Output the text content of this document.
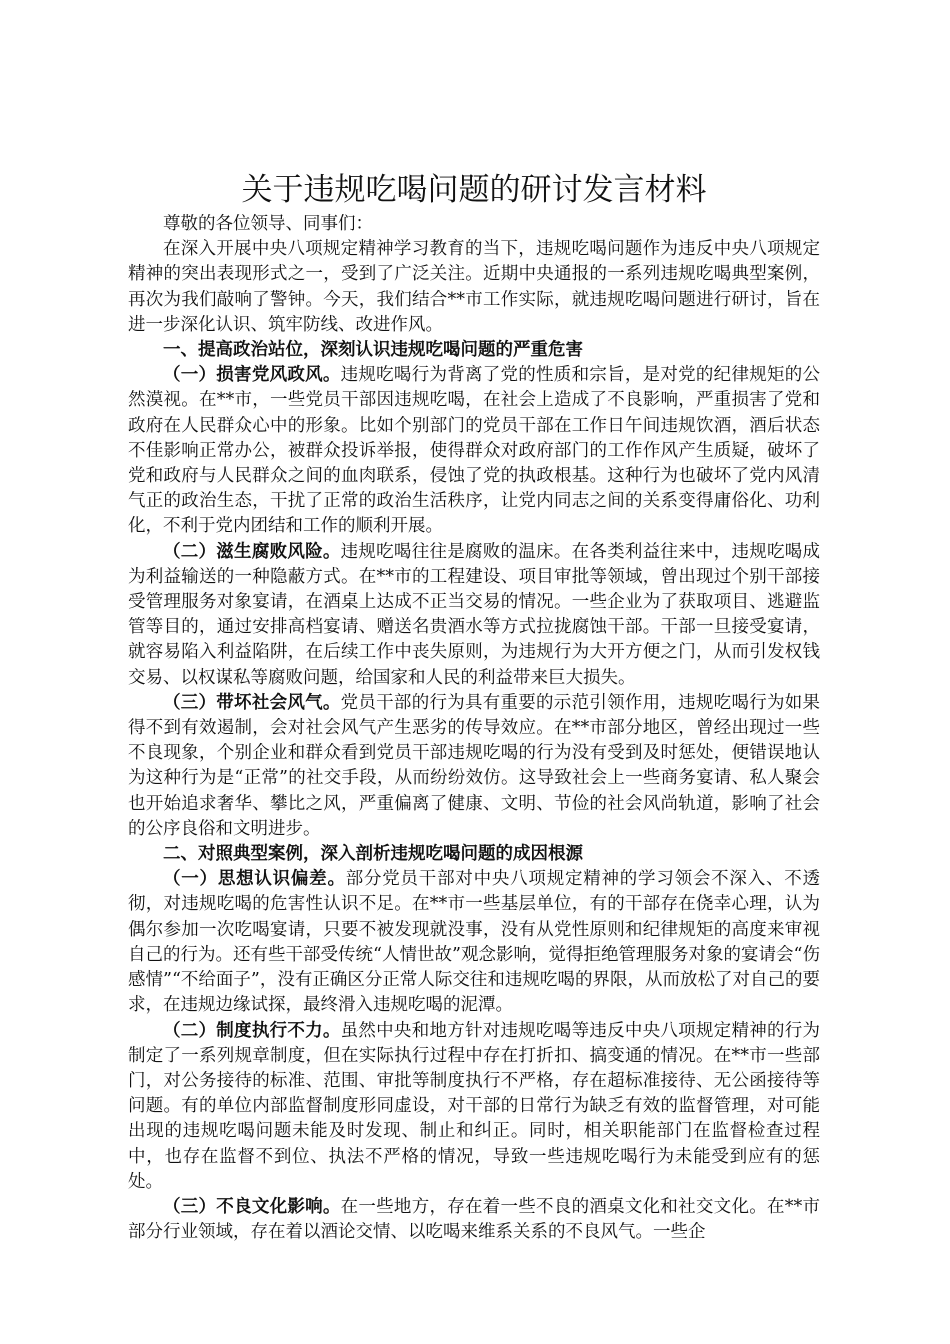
关于违规吃喝问题的研讨发言材料

尊敬的各位领导、同事们：

在深入开展中央八项规定精神学习教育的当下，违规吃喝问题作为违反中央八项规定精神的突出表现形式之一，受到了广泛关注。近期中央通报的一系列违规吃喝典型案例，再次为我们敲响了警钟。今天，我们结合**市工作实际，就违规吃喝问题进行研讨，旨在进一步深化认识、筑牢防线、改进作风。

一、提高政治站位，深刻认识违规吃喝问题的严重危害

（一）损害党风政风。违规吃喝行为背离了党的性质和宗旨，是对党的纪律规矩的公然漠视。在**市，一些党员干部因违规吃喝，在社会上造成了不良影响，严重损害了党和政府在人民群众心中的形象。比如个别部门的党员干部在工作日午间违规饮酒，酒后状态不佳影响正常办公，被群众投诉举报，使得群众对政府部门的工作作风产生质疑，破坏了党和政府与人民群众之间的血肉联系，侵蚀了党的执政根基。这种行为也破坏了党内风清气正的政治生态，干扰了正常的政治生活秩序，让党内同志之间的关系变得庸俗化、功利化，不利于党内团结和工作的顺利开展。

（二）滋生腐败风险。违规吃喝往往是腐败的温床。在各类利益往来中，违规吃喝成为利益输送的一种隐蔽方式。在**市的工程建设、项目审批等领域，曾出现过个别干部接受管理服务对象宴请，在酒桌上达成不正当交易的情况。一些企业为了获取项目、逃避监管等目的，通过安排高档宴请、赠送名贵酒水等方式拉拢腐蚀干部。干部一旦接受宴请，就容易陷入利益陷阱，在后续工作中丧失原则，为违规行为大开方便之门，从而引发权钱交易、以权谋私等腐败问题，给国家和人民的利益带来巨大损失。

（三）带坏社会风气。党员干部的行为具有重要的示范引领作用，违规吃喝行为如果得不到有效遏制，会对社会风气产生恶劣的传导效应。在**市部分地区，曾经出现过一些不良现象，个别企业和群众看到党员干部违规吃喝的行为没有受到及时惩处，便错误地认为这种行为是“正常”的社交手段，从而纷纷效仿。这导致社会上一些商务宴请、私人聚会也开始追求奢华、攀比之风，严重偏离了健康、文明、节俭的社会风尚轨道，影响了社会的公序良俗和文明进步。

二、对照典型案例，深入剖析违规吃喝问题的成因根源

（一）思想认识偏差。部分党员干部对中央八项规定精神的学习领会不深入、不透彻，对违规吃喝的危害性认识不足。在**市一些基层单位，有的干部存在侥幸心理，认为偶尔参加一次吃喝宴请，只要不被发现就没事，没有从党性原则和纪律规矩的高度来审视自己的行为。还有些干部受传统“人情世故”观念影响，觉得拒绝管理服务对象的宴请会“伤感情”“不给面子”，没有正确区分正常人际交往和违规吃喝的界限，从而放松了对自己的要求，在违规边缘试探，最终滑入违规吃喝的泥潭。

（二）制度执行不力。虽然中央和地方针对违规吃喝等违反中央八项规定精神的行为制定了一系列规章制度，但在实际执行过程中存在打折扣、搞变通的情况。在**市一些部门，对公务接待的标准、范围、审批等制度执行不严格，存在超标准接待、无公函接待等问题。有的单位内部监督制度形同虚设，对干部的日常行为缺乏有效的监督管理，对可能出现的违规吃喝问题未能及时发现、制止和纠正。同时，相关职能部门在监督检查过程中，也存在监督不到位、执法不严格的情况，导致一些违规吃喝行为未能受到应有的惩处。

（三）不良文化影响。在一些地方，存在着一些不良的酒桌文化和社交文化。在**市部分行业领域，存在着以酒论交情、以吃喝来维系关系的不良风气。一些企
